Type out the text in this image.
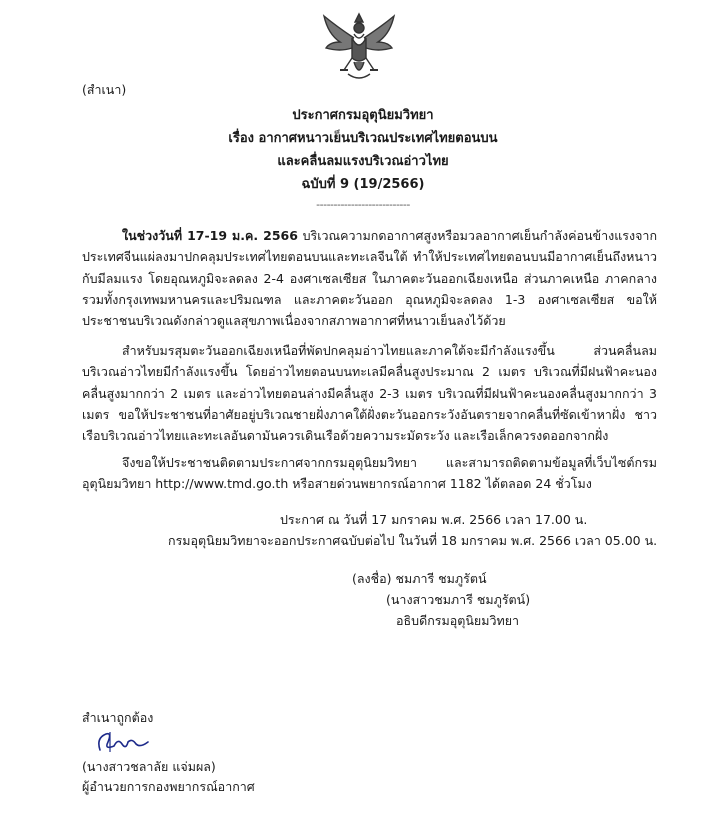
(สำเนา)
ประกาศกรมอุตุนิยมวิทยา
เรื่อง อากาศหนาวเย็นบริเวณประเทศไทยตอนบน
และคลื่นลมแรงบริเวณอ่าวไทย
ฉบับที่ 9 (19/2566)
---------------------------
ในช่วงวันที่ 17-19 ม.ค. 2566 บริเวณความกดอากาศสูงหรือมวลอากาศเย็นกำลังค่อนข้างแรงจากประเทศจีนแผ่ลงมาปกคลุมประเทศไทยตอนบนและทะเลจีนใต้ ทำให้ประเทศไทยตอนบนมีอากาศเย็นถึงหนาวกับมีลมแรง โดยอุณหภูมิจะลดลง 2-4 องศาเซลเซียส ในภาคตะวันออกเฉียงเหนือ ส่วนภาคเหนือ ภาคกลางรวมทั้งกรุงเทพมหานครและปริมณฑล และภาคตะวันออก อุณหภูมิจะลดลง 1-3 องศาเซลเซียส ขอให้ประชาชนบริเวณดังกล่าวดูแลสุขภาพเนื่องจากสภาพอากาศที่หนาวเย็นลงไว้ด้วย
สำหรับมรสุมตะวันออกเฉียงเหนือที่พัดปกคลุมอ่าวไทยและภาคใต้จะมีกำลังแรงขึ้น ส่วนคลื่นลมบริเวณอ่าวไทยมีกำลังแรงขึ้น โดยอ่าวไทยตอนบนทะเลมีคลื่นสูงประมาณ 2 เมตร บริเวณที่มีฝนฟ้าคะนองคลื่นสูงมากกว่า 2 เมตร และอ่าวไทยตอนล่างมีคลื่นสูง 2-3 เมตร บริเวณที่มีฝนฟ้าคะนองคลื่นสูงมากกว่า 3 เมตร ขอให้ประชาชนที่อาศัยอยู่บริเวณชายฝั่งภาคใต้ฝั่งตะวันออกระวังอันตรายจากคลื่นที่ซัดเข้าหาฝั่ง ชาวเรือบริเวณอ่าวไทยและทะเลอันดามันควรเดินเรือด้วยความระมัดระวัง และเรือเล็กควรงดออกจากฝั่ง
จึงขอให้ประชาชนติดตามประกาศจากกรมอุตุนิยมวิทยา และสามารถติดตามข้อมูลที่เว็บไซต์กรมอุตุนิยมวิทยา http://www.tmd.go.th หรือสายด่วนพยากรณ์อากาศ 1182 ได้ตลอด 24 ชั่วโมง
ประกาศ ณ วันที่ 17 มกราคม พ.ศ. 2566 เวลา 17.00 น.
กรมอุตุนิยมวิทยาจะออกประกาศฉบับต่อไป ในวันที่ 18 มกราคม พ.ศ. 2566 เวลา 05.00 น.
(ลงชื่อ) ชมภารี ชมภูรัตน์
(นางสาวชมภารี ชมภูรัตน์)
อธิบดีกรมอุตุนิยมวิทยา
สำเนาถูกต้อง
(นางสาวชลาลัย แจ่มผล)
ผู้อำนวยการกองพยากรณ์อากาศ
